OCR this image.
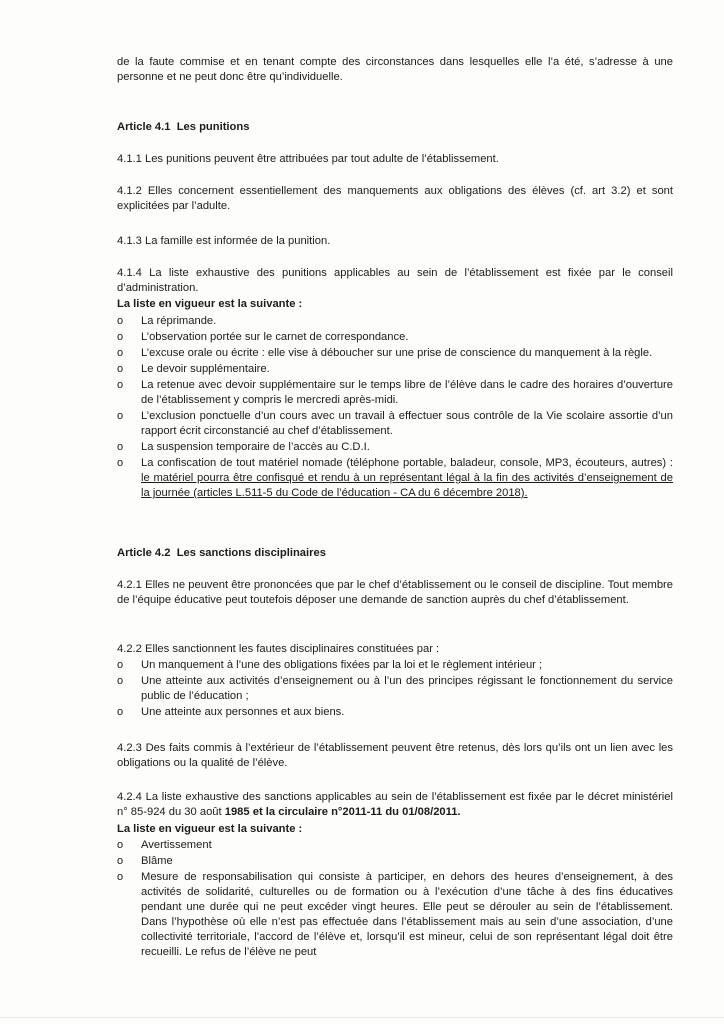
de la faute commise et en tenant compte des circonstances dans lesquelles elle l’a été, s’adresse à une personne et ne peut donc être qu’individuelle.

Article 4.1 Les punitions

4.1.1 Les punitions peuvent être attribuées par tout adulte de l’établissement.

4.1.2 Elles concernent essentiellement des manquements aux obligations des élèves (cf. art 3.2) et sont explicitées par l’adulte.

4.1.3 La famille est informée de la punition.

4.1.4 La liste exhaustive des punitions applicables au sein de l’établissement est fixée par le conseil d’administration.

La liste en vigueur est la suivante :

o	La réprimande.
o	L’observation portée sur le carnet de correspondance.
o	L’excuse orale ou écrite : elle vise à déboucher sur une prise de conscience du manquement à la règle.
o	Le devoir supplémentaire.
o	La retenue avec devoir supplémentaire sur le temps libre de l’élève dans le cadre des horaires d’ouverture de l’établissement y compris le mercredi après-midi.
o	L’exclusion ponctuelle d’un cours avec un travail à effectuer sous contrôle de la Vie scolaire assortie d’un rapport écrit circonstancié au chef d’établissement.
o	La suspension temporaire de l’accès au C.D.I.
o	La confiscation de tout matériel nomade (téléphone portable, baladeur, console, MP3, écouteurs, autres) : le matériel pourra être confisqué et rendu à un représentant légal à la fin des activités d’enseignement de la journée (articles L.511-5 du Code de l’éducation - CA du 6 décembre 2018).

Article 4.2 Les sanctions disciplinaires

4.2.1 Elles ne peuvent être prononcées que par le chef d’établissement ou le conseil de discipline. Tout membre de l’équipe éducative peut toutefois déposer une demande de sanction auprès du chef d’établissement.

4.2.2 Elles sanctionnent les fautes disciplinaires constituées par :

o	Un manquement à l’une des obligations fixées par la loi et le règlement intérieur ;
o	Une atteinte aux activités d’enseignement ou à l’un des principes régissant le fonctionnement du service public de l’éducation ;
o	Une atteinte aux personnes et aux biens.

4.2.3 Des faits commis à l’extérieur de l’établissement peuvent être retenus, dès lors qu’ils ont un lien avec les obligations ou la qualité de l’élève.

4.2.4 La liste exhaustive des sanctions applicables au sein de l’établissement est fixée par le décret ministériel n° 85-924 du 30 août 1985 et la circulaire n°2011-11 du 01/08/2011.

La liste en vigueur est la suivante :

o	Avertissement
o	Blâme
o	Mesure de responsabilisation qui consiste à participer, en dehors des heures d’enseignement, à des activités de solidarité, culturelles ou de formation ou à l’exécution d’une tâche à des fins éducatives pendant une durée qui ne peut excéder vingt heures. Elle peut se dérouler au sein de l’établissement. Dans l’hypothèse où elle n’est pas effectuée dans l’établissement mais au sein d’une association, d’une collectivité territoriale, l’accord de l’élève et, lorsqu’il est mineur, celui de son représentant légal doit être recueilli. Le refus de l’élève ne peut
